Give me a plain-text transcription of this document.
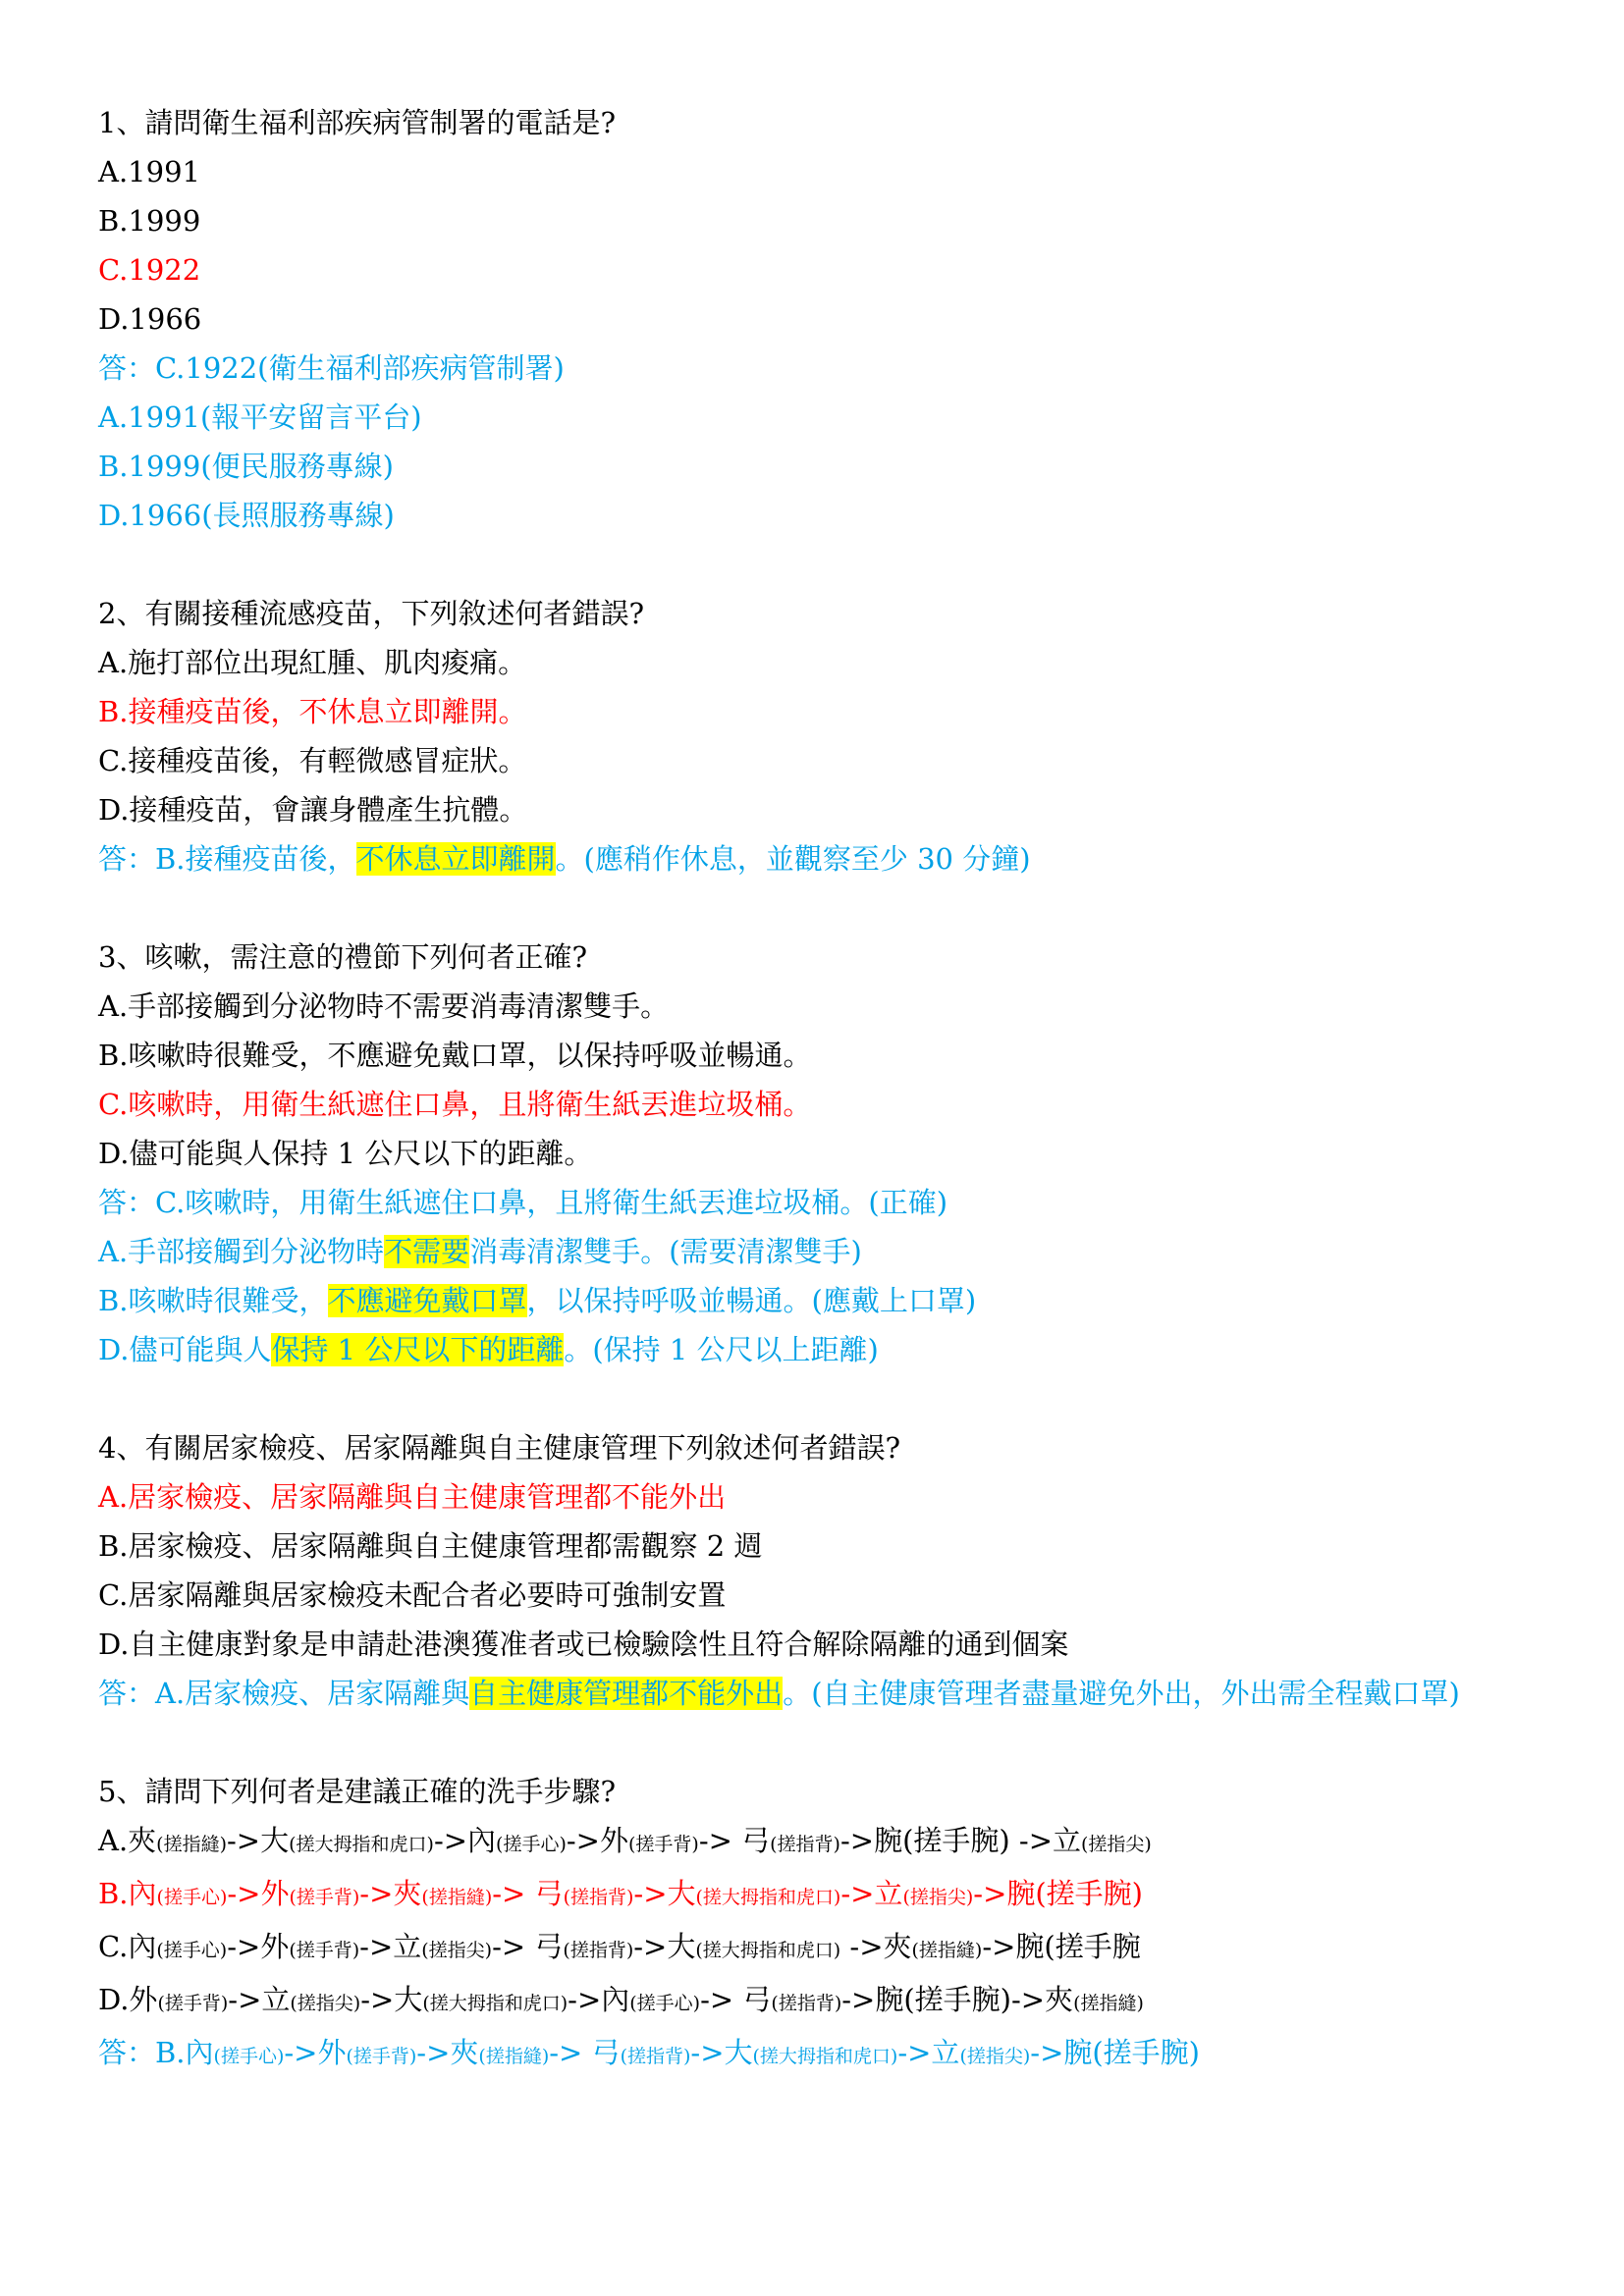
1、請問衛生福利部疾病管制署的電話是?
A.1991
B.1999
C.1922
D.1966
答：C.1922(衛生福利部疾病管制署)
A.1991(報平安留言平台)
B.1999(便民服務專線)
D.1966(長照服務專線)
2、有關接種流感疫苗，下列敘述何者錯誤?
A.施打部位出現紅腫、肌肉痠痛。
B.接種疫苗後，不休息立即離開。
C.接種疫苗後，有輕微感冒症狀。
D.接種疫苗，會讓身體產生抗體。
答：B.接種疫苗後，不休息立即離開。(應稍作休息，並觀察至少 30 分鐘)
3、咳嗽，需注意的禮節下列何者正確?
A.手部接觸到分泌物時不需要消毒清潔雙手。
B.咳嗽時很難受，不應避免戴口罩，以保持呼吸並暢通。
C.咳嗽時，用衛生紙遮住口鼻，且將衛生紙丟進垃圾桶。
D.儘可能與人保持 1 公尺以下的距離。
答：C.咳嗽時，用衛生紙遮住口鼻，且將衛生紙丟進垃圾桶。(正確)
A.手部接觸到分泌物時不需要消毒清潔雙手。(需要清潔雙手)
B.咳嗽時很難受，不應避免戴口罩，以保持呼吸並暢通。(應戴上口罩)
D.儘可能與人保持 1 公尺以下的距離。(保持 1 公尺以上距離)
4、有關居家檢疫、居家隔離與自主健康管理下列敘述何者錯誤?
A.居家檢疫、居家隔離與自主健康管理都不能外出
B.居家檢疫、居家隔離與自主健康管理都需觀察 2 週
C.居家隔離與居家檢疫未配合者必要時可強制安置
D.自主健康對象是申請赴港澳獲准者或已檢驗陰性且符合解除隔離的通到個案
答：A.居家檢疫、居家隔離與自主健康管理都不能外出。(自主健康管理者盡量避免外出，外出需全程戴口罩)
5、請問下列何者是建議正確的洗手步驟?
A.夾(搓指縫)->大(搓大拇指和虎口)->內(搓手心)->外(搓手背)-> 弓(搓指背)->腕(搓手腕) ->立(搓指尖)
B.內(搓手心)->外(搓手背)->夾(搓指縫)-> 弓(搓指背)->大(搓大拇指和虎口)->立(搓指尖)->腕(搓手腕)
C.內(搓手心)->外(搓手背)->立(搓指尖)-> 弓(搓指背)->大(搓大拇指和虎口) ->夾(搓指縫)->腕(搓手腕
D.外(搓手背)->立(搓指尖)->大(搓大拇指和虎口)->內(搓手心)-> 弓(搓指背)->腕(搓手腕)->夾(搓指縫)
答：B.內(搓手心)->外(搓手背)->夾(搓指縫)-> 弓(搓指背)->大(搓大拇指和虎口)->立(搓指尖)->腕(搓手腕)
